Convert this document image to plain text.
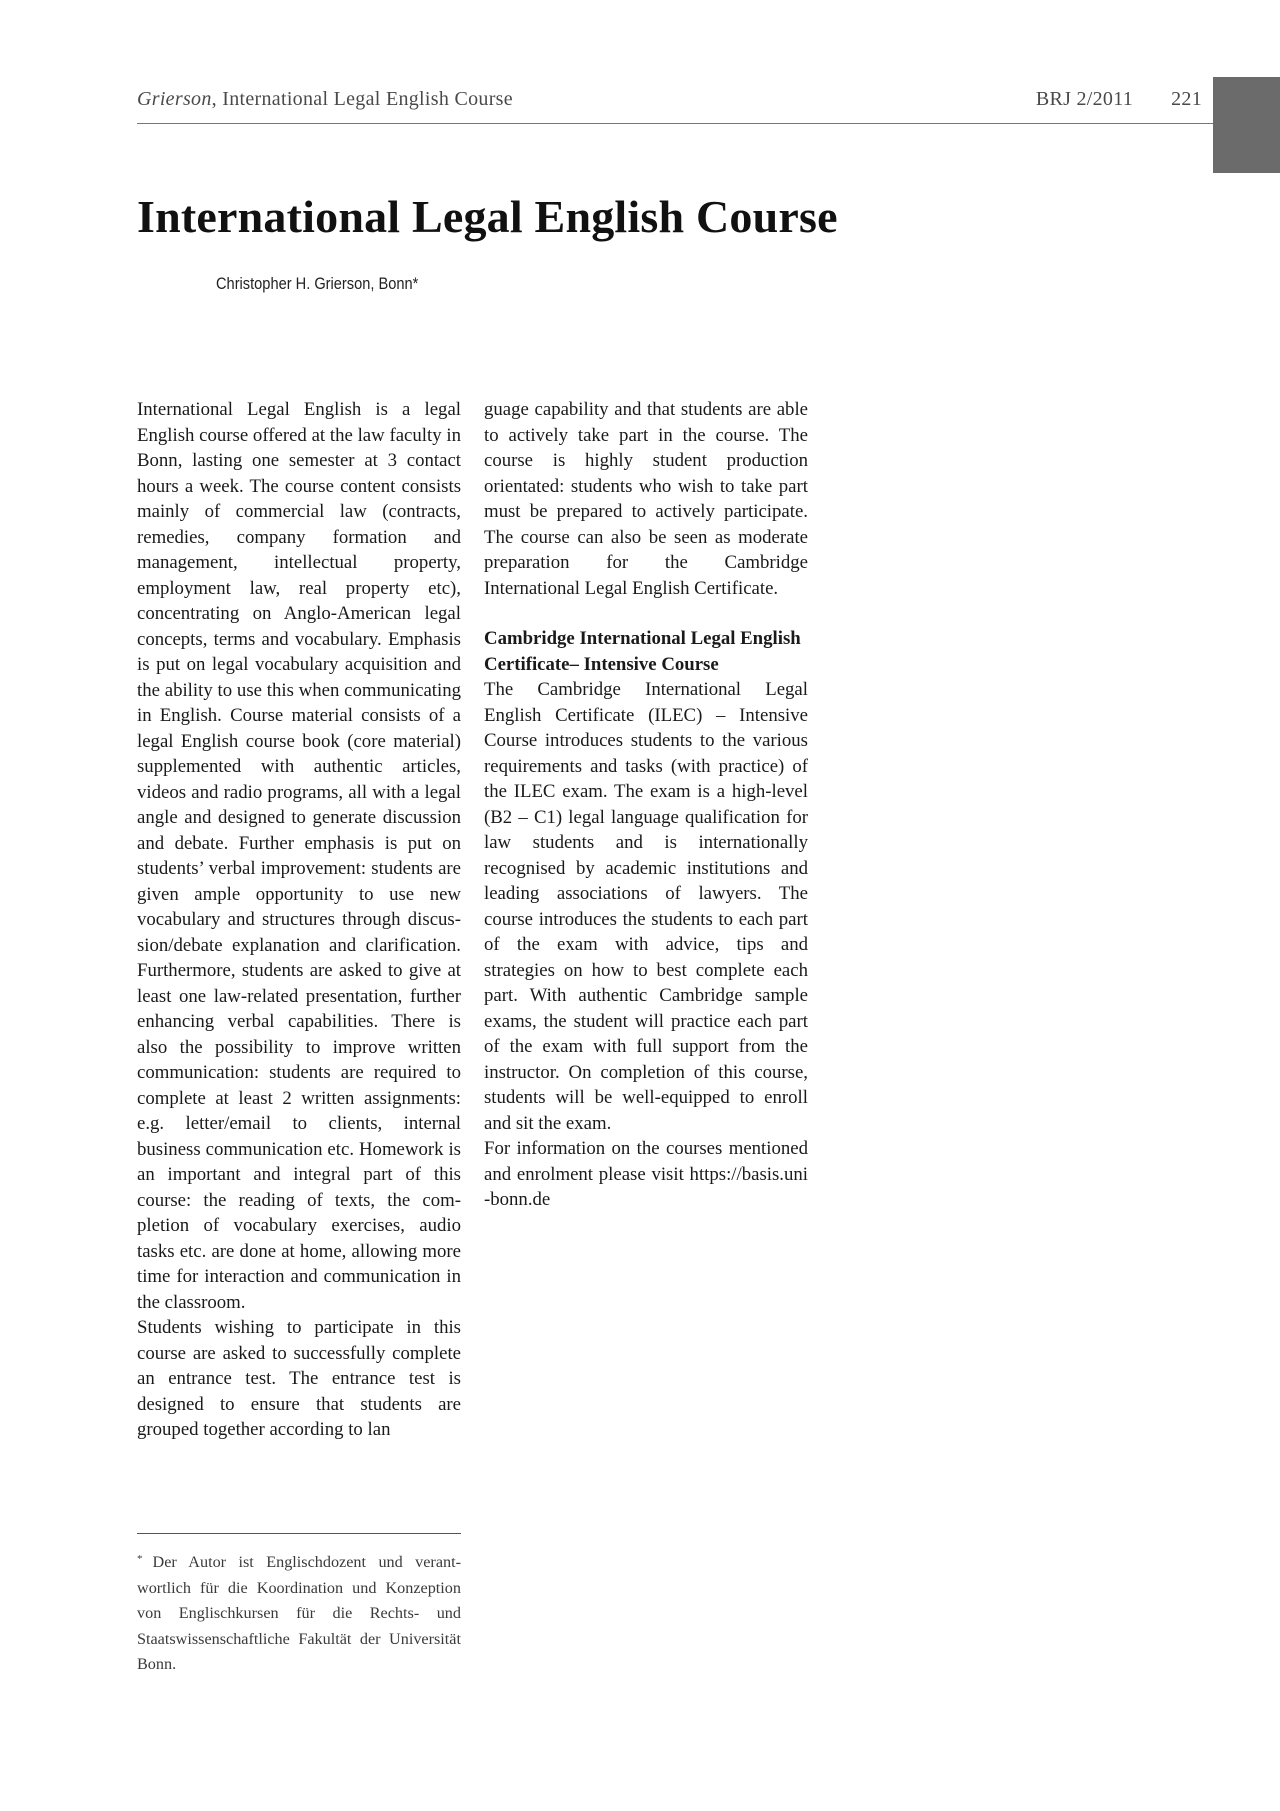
Grierson, International Legal English Course	BRJ 2/2011 221
International Legal English Course

Christopher H. Grierson, Bonn*

International Legal English is a legal English course offered at the law faculty in Bonn, lasting one semester at 3 contact hours a week. The course content consists mainly of commercial law (contracts, remedies, company formation and management, intellectual property, employment law, real property etc), concentrating on Anglo-American legal concepts, terms and vocabulary. Emphasis is put on legal vocabulary acquisition and the ability to use this when communicating in English. Course material consists of a legal English course book (core material) supplemented with authentic articles, videos and radio programs, all with a legal angle and designed to generate discussion and debate. Further emphasis is put on students’ verbal improvement: students are given ample opportunity to use new vocabulary and structures through discussion/debate explanation and clarification. Furthermore, students are asked to give at least one law-related presentation, further enhancing verbal capabilities. There is also the possibility to improve written communication: students are required to complete at least 2 written assignments: e.g. letter/email to clients, internal business communication etc. Homework is an important and integral part of this course: the reading of texts, the completion of vocabulary exercises, audio tasks etc. are done at home, allowing more time for interaction and communication in the classroom.

Students wishing to participate in this course are asked to successfully complete an entrance test. The entrance test is designed to ensure that students are grouped together according to lan

guage capability and that students are able to actively take part in the course. The course is highly student production orientated: students who wish to take part must be prepared to actively participate. The course can also be seen as moderate preparation for the Cambridge International Legal English Certificate.

Cambridge International Legal English Certificate– Intensive Course

The Cambridge International Legal English Certificate (ILEC) – Intensive Course introduces students to the various requirements and tasks (with practice) of the ILEC exam. The exam is a high-level (B2 – C1) legal language qualification for law students and is internationally recognised by academic institutions and leading associations of lawyers. The course introduces the students to each part of the exam with advice, tips and strategies on how to best complete each part. With authentic Cambridge sample exams, the student will practice each part of the exam with full support from the instructor. On completion of this course, students will be well-equipped to enroll and sit the exam.

For information on the courses mentioned and enrolment please visit https://basis.uni-bonn.de

* Der Autor ist Englischdozent und verantwortlich für die Koordination und Konzeption von Englischkursen für die Rechts- und Staatswissenschaftliche Fakultät der Universität Bonn.
